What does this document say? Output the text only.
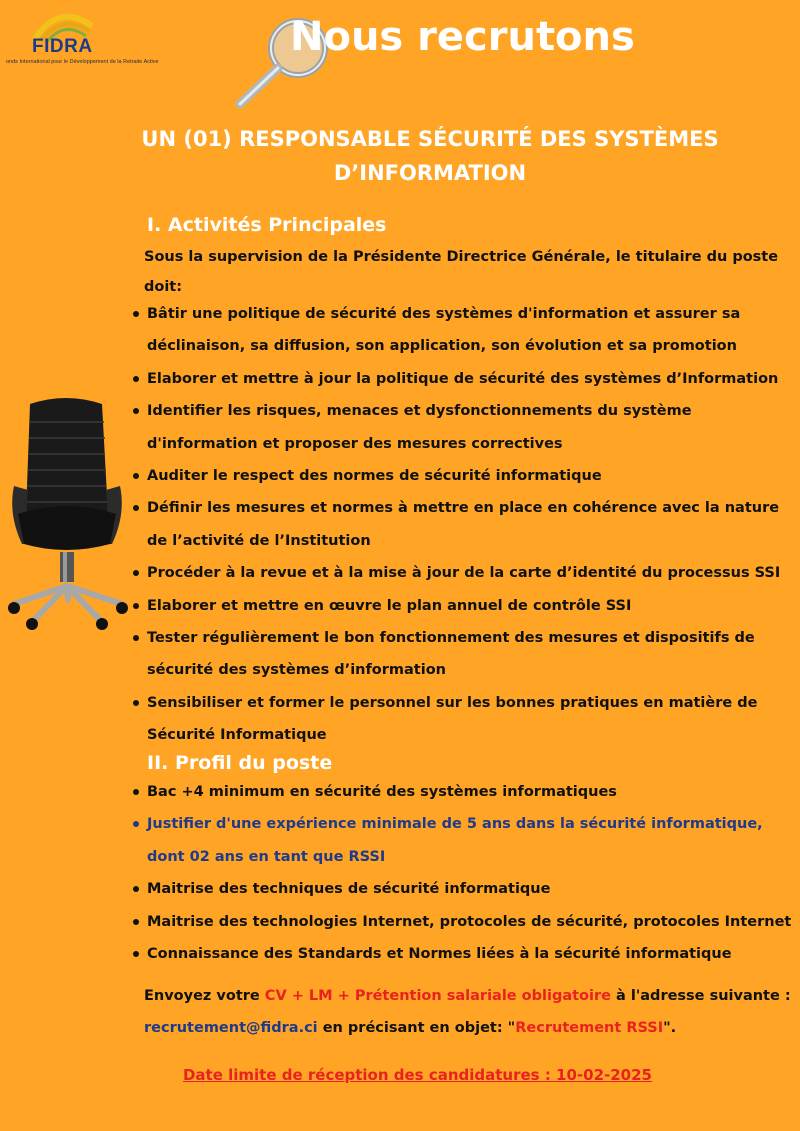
FIDRA
onds International pour le Développement de la Retraite Active
Nous recrutons
UN (01) RESPONSABLE SÉCURITÉ DES SYSTÈMES D’INFORMATION
I. Activités Principales
Sous la supervision de la Présidente Directrice Générale, le titulaire du poste doit:
Bâtir une politique de sécurité des systèmes d'information et assurer sa déclinaison, sa diffusion, son application, son évolution et sa promotion
Elaborer et mettre à jour la politique de sécurité des systèmes d’Information
Identifier les risques, menaces et dysfonctionnements du système d'information et proposer des mesures correctives
Auditer le respect des normes de sécurité informatique
Définir les mesures et normes à mettre en place en cohérence avec la nature de l’activité de l’Institution
Procéder à la revue et à la mise à jour de la carte d’identité du processus SSI
Elaborer et mettre en œuvre le plan annuel de contrôle SSI
Tester régulièrement le bon fonctionnement des mesures et dispositifs de sécurité des systèmes d’information
Sensibiliser et former le personnel sur les bonnes pratiques en matière de Sécurité Informatique
II. Profil du poste
Bac +4 minimum en sécurité des systèmes informatiques
Justifier d'une expérience minimale de 5 ans dans la sécurité informatique, dont 02 ans en tant que RSSI
Maitrise des techniques de sécurité informatique
Maitrise des technologies Internet, protocoles de sécurité, protocoles Internet
Connaissance des Standards et Normes liées à la sécurité informatique
Envoyez votre CV + LM + Prétention salariale obligatoire à l'adresse suivante :
recrutement@fidra.ci en précisant en objet: "Recrutement RSSI".
Date limite de réception des candidatures : 10-02-2025
